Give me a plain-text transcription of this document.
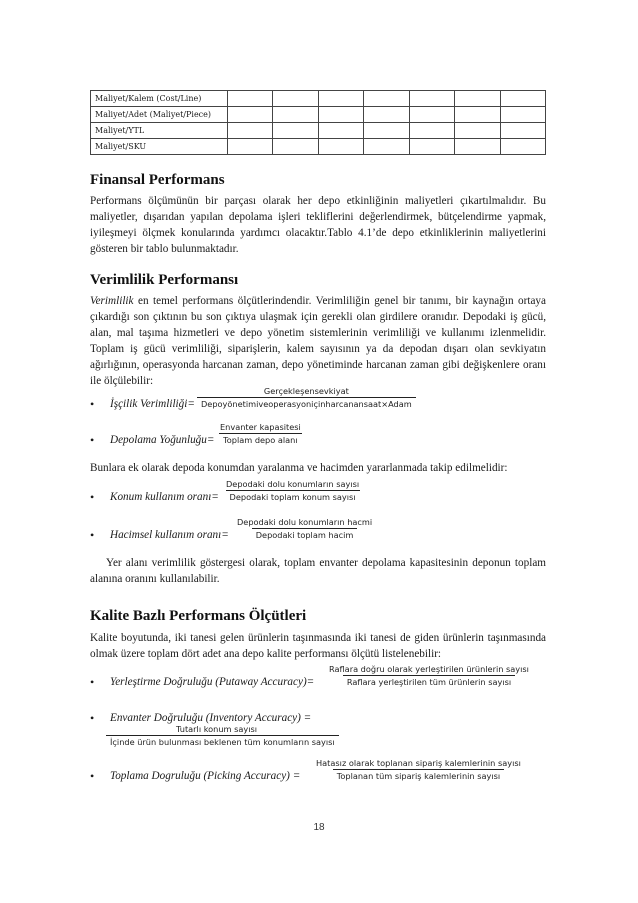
Maliyet/Kalem (Cost/Line)							
Maliyet/Adet (Maliyet/Piece)							
Maliyet/YTL							
Maliyet/SKU							
Finansal Performans

Performans ölçümünün bir parçası olarak her depo etkinliğinin maliyetleri çıkartılmalıdır. Bu maliyetler, dışarıdan yapılan depolama işleri tekliflerini değerlendirmek, bütçelendirme yapmak, iyileşmeyi ölçmek konularında yardımcı olacaktır.Tablo 4.1’de depo etkinliklerinin maliyetlerini gösteren bir tablo bulunmaktadır.

Verimlilik Performansı

Verimlilik en temel performans ölçütlerindendir. Verimliliğin genel bir tanımı, bir kaynağın ortaya çıkardığı son çıktının bu son çıktıya ulaşmak için gerekli olan girdilere oranıdır. Depodaki iş gücü, alan, mal taşıma hizmetleri ve depo yönetim sistemlerinin verimliliği ve kullanımı izlenmelidir. Toplam iş gücü verimliliği, siparişlerin, kalem sayısının ya da depodan dışarı olan sevkiyatın ağırlığının, operasyonda harcanan zaman, depo yönetiminde harcanan zaman gibi değişkenlere oranı ile ölçülebilir:

• İşçilik Verimliliği=
Gerçekleşensevkiyat
Depoyönetimiveoperasyoniçinharcanansaat×Adam
• Depolama Yoğunluğu=
Envanter kapasitesi
Toplam depo alanı

Bunlara ek olarak depoda konumdan yaralanma ve hacimden yararlanmada takip edilmelidir:

• Konum kullanım oranı=
Depodaki dolu konumların sayısı
Depodaki toplam konum sayısı
• Hacimsel kullanım oranı=
Depodaki dolu konumların hacmi
Depodaki toplam hacim

Yer alanı verimlilik göstergesi olarak, toplam envanter depolama kapasitesinin deponun toplam alanına oranını kullanılabilir.

Kalite Bazlı Performans Ölçütleri

Kalite boyutunda, iki tanesi gelen ürünlerin taşınmasında iki tanesi de giden ürünlerin taşınmasında olmak üzere toplam dört adet ana depo kalite performansı ölçütü listelenebilir:

• Yerleştirme Doğruluğu (Putaway Accuracy)=
Raflara doğru olarak yerleştirilen ürünlerin sayısı
Raflara yerleştirilen tüm ürünlerin sayısı
• Envanter Doğruluğu (Inventory Accuracy) =
Tutarlı konum sayısı
İçinde ürün bulunması beklenen tüm konumların sayısı
• Toplama Dogruluğu (Picking Accuracy) =
Hatasız olarak toplanan sipariş kalemlerinin sayısı
Toplanan tüm sipariş kalemlerinin sayısı
18
